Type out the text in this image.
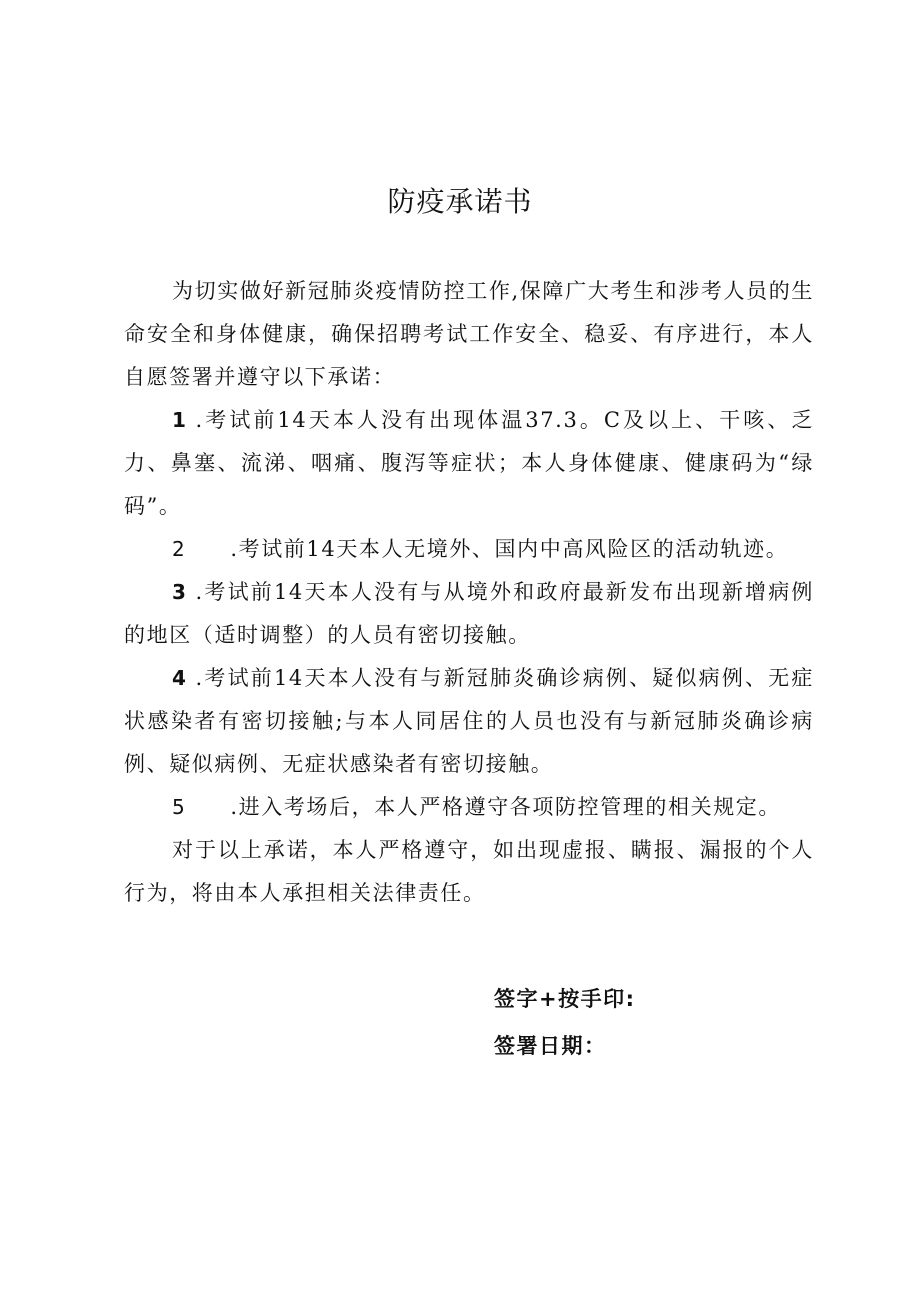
防疫承诺书

为切实做好新冠肺炎疫情防控工作,保障广大考生和涉考人员的生命安全和身体健康，确保招聘考试工作安全、稳妥、有序进行，本人自愿签署并遵守以下承诺：

1 .考试前14天本人没有出现体温37.3。C及以上、干咳、乏力、鼻塞、流涕、咽痛、腹泻等症状；本人身体健康、健康码为“绿码”。

2 .考试前14天本人无境外、国内中高风险区的活动轨迹。

3 .考试前14天本人没有与从境外和政府最新发布出现新增病例的地区（适时调整）的人员有密切接触。

4 .考试前14天本人没有与新冠肺炎确诊病例、疑似病例、无症状感染者有密切接触;与本人同居住的人员也没有与新冠肺炎确诊病例、疑似病例、无症状感染者有密切接触。

5 .进入考场后，本人严格遵守各项防控管理的相关规定。

对于以上承诺，本人严格遵守，如出现虚报、瞒报、漏报的个人行为，将由本人承担相关法律责任。

签字+按手印:
签署日期：
